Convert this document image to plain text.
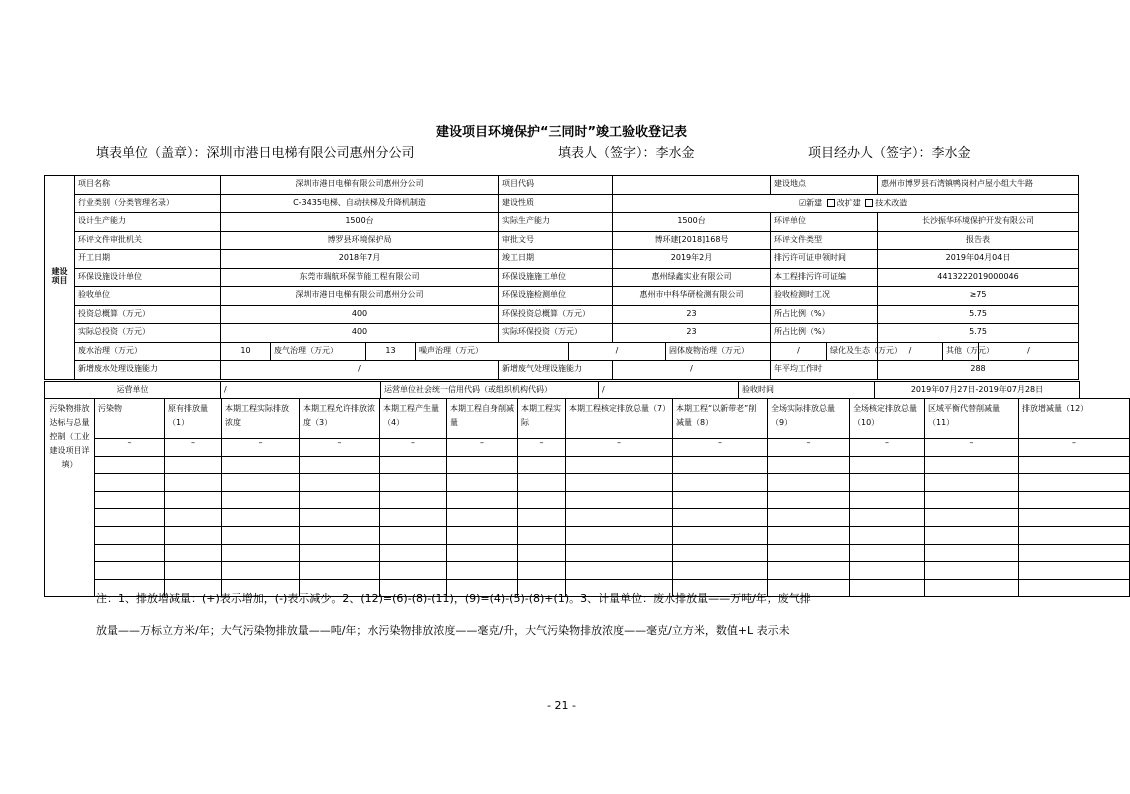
建设项目环境保护“三同时”竣工验收登记表
填表单位（盖章）：深圳市港日电梯有限公司惠州分公司	填表人（签字）：李水金	项目经办人（签字）：李水金
建设项目	项目名称	深圳市港日电梯有限公司惠州分公司				项目代码				建设地点		惠州市博罗县石湾镇鸭岗村卢屋小组大牛路		
	行业类别（分类管理名录）	C-3435电梯、自动扶梯及升降机制造				建设性质		☑新建 改扩建 技术改造						
	设计生产能力	1500台				实际生产能力		1500台		环评单位		长沙振华环境保护开发有限公司		
	环评文件审批机关	博罗县环境保护局				审批文号		博环建[2018]168号		环评文件类型		报告表		
	开工日期	2018年7月				竣工日期		2019年2月		排污许可证申领时间		2019年04月04日		
	环保设施设计单位	东莞市瑞航环保节能工程有限公司				环保设施施工单位		惠州绿鑫实业有限公司		本工程排污许可证编		4413222019000046		
	验收单位	深圳市港日电梯有限公司惠州分公司				环保设施检测单位		惠州市中科华研检测有限公司		验收检测时工况		≥75		
	投资总概算（万元）	400				环保投资总概算（万元）		23		所占比例（%）		5.75		
	实际总投资（万元）	400				实际环保投资（万元）		23		所占比例（%）		5.75		
	废水治理（万元）	10	废气治理（万元）	13	噪声治理（万元）		/		固体废物治理（万元）	/	绿化及生态（万元）	/	其他（万元）	/
	新增废水处理设施能力	/				新增废气处理设施能力		/		年平均工作时		288		
运营单位	/	运营单位社会统一信用代码（或组织机构代码）	/	验收时间	2019年07月27日-2019年07月28日
污染物排放达标与总量控制（工业建设项目详填）	污染物	原有排放量（1）	本期工程实际排放浓度	本期工程允许排放浓度（3）	本期工程产生量（4）	本期工程自身削减量	本期工程实际	本期工程核定排放总量（7）	本期工程“以新带老”削减量（8）	全场实际排放总量（9）	全场核定排放总量（10）	区域平衡代替削减量（11）	排放增减量（12）
	–	–	–	–	–	–	–	–	–	–	–	–	–

注：1、排放增减量：(+)表示增加，(-)表示减少。2、(12)=(6)-(8)-(11)，(9)=(4)-(5)-(8)+(1)。3、计量单位：废水排放量——万吨/年；废气排
放量——万标立方米/年；大气污染物排放量——吨/年；水污染物排放浓度——毫克/升，大气污染物排放浓度——毫克/立方米，数值+L 表示未
- 21 -
